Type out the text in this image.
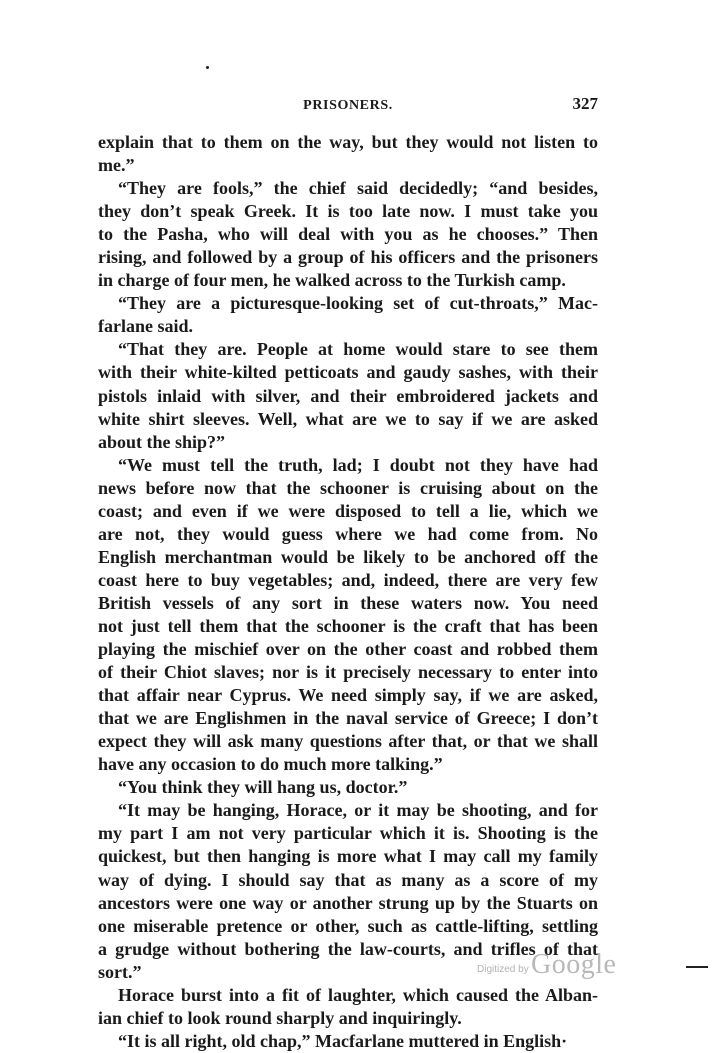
PRISONERS.	327
explain that to them on the way, but they would not listen to
me.”
“They are fools,” the chief said decidedly; “and besides,
they don’t speak Greek. It is too late now. I must take you
to the Pasha, who will deal with you as he chooses.” Then
rising, and followed by a group of his officers and the prisoners
in charge of four men, he walked across to the Turkish camp.
“They are a picturesque-looking set of cut-throats,” Mac-
farlane said.
“That they are. People at home would stare to see them
with their white-kilted petticoats and gaudy sashes, with their
pistols inlaid with silver, and their embroidered jackets and
white shirt sleeves. Well, what are we to say if we are asked
about the ship?”
“We must tell the truth, lad; I doubt not they have had
news before now that the schooner is cruising about on the
coast; and even if we were disposed to tell a lie, which we
are not, they would guess where we had come from. No
English merchantman would be likely to be anchored off the
coast here to buy vegetables; and, indeed, there are very few
British vessels of any sort in these waters now. You need
not just tell them that the schooner is the craft that has been
playing the mischief over on the other coast and robbed them
of their Chiot slaves; nor is it precisely necessary to enter into
that affair near Cyprus. We need simply say, if we are asked,
that we are Englishmen in the naval service of Greece; I don’t
expect they will ask many questions after that, or that we shall
have any occasion to do much more talking.”
“You think they will hang us, doctor.”
“It may be hanging, Horace, or it may be shooting, and for
my part I am not very particular which it is. Shooting is the
quickest, but then hanging is more what I may call my family
way of dying. I should say that as many as a score of my
ancestors were one way or another strung up by the Stuarts on
one miserable pretence or other, such as cattle-lifting, settling
a grudge without bothering the law-courts, and trifles of that
sort.”
Horace burst into a fit of laughter, which caused the Alban-
ian chief to look round sharply and inquiringly.
“It is all right, old chap,” Macfarlane muttered in English·
Digitized by Google
